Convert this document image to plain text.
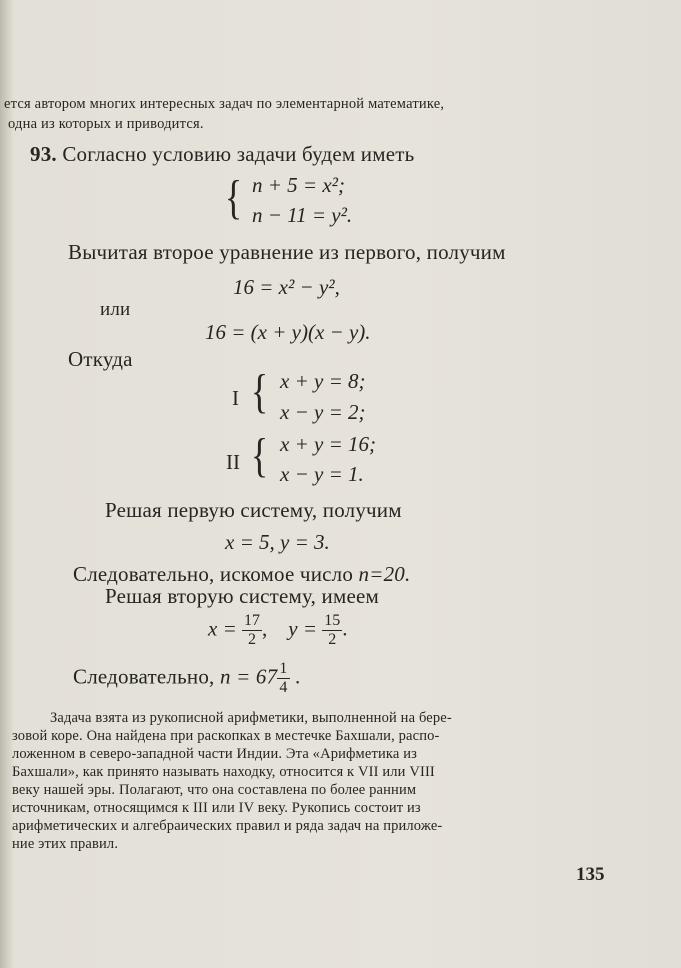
ется автором многих интересных задач по элементарной математике,
одна из которых и приводится.
93. Согласно условию задачи будем иметь
{ n + 5 = x²;
n − 11 = y².
Вычитая второе уравнение из первого, получим
16 = x² − y²,
или
16 = (x + y)(x − y).
Откуда
I { x + y = 8;
x − y = 2;
II { x + y = 16;
x − y = 1.
Решая первую систему, получим
x = 5, y = 3.
Следовательно, искомое число n=20.
Решая вторую систему, имеем
$x = \frac{17}{2}$ , $y = \frac{15}{2}$ .
Следовательно, $n = 67 \frac{1}{4}$ .
Задача взята из рукописной арифметики, выполненной на бере-
зовой коре. Она найдена при раскопках в местечке Бахшали, распо-
ложенном в северо-западной части Индии. Эта «Арифметика из
Бахшали», как принято называть находку, относится к VII или VIII
веку нашей эры. Полагают, что она составлена по более ранним
источникам, относящимся к III или IV веку. Рукопись состоит из
арифметических и алгебраических правил и ряда задач на приложе-
ние этих правил.
135
